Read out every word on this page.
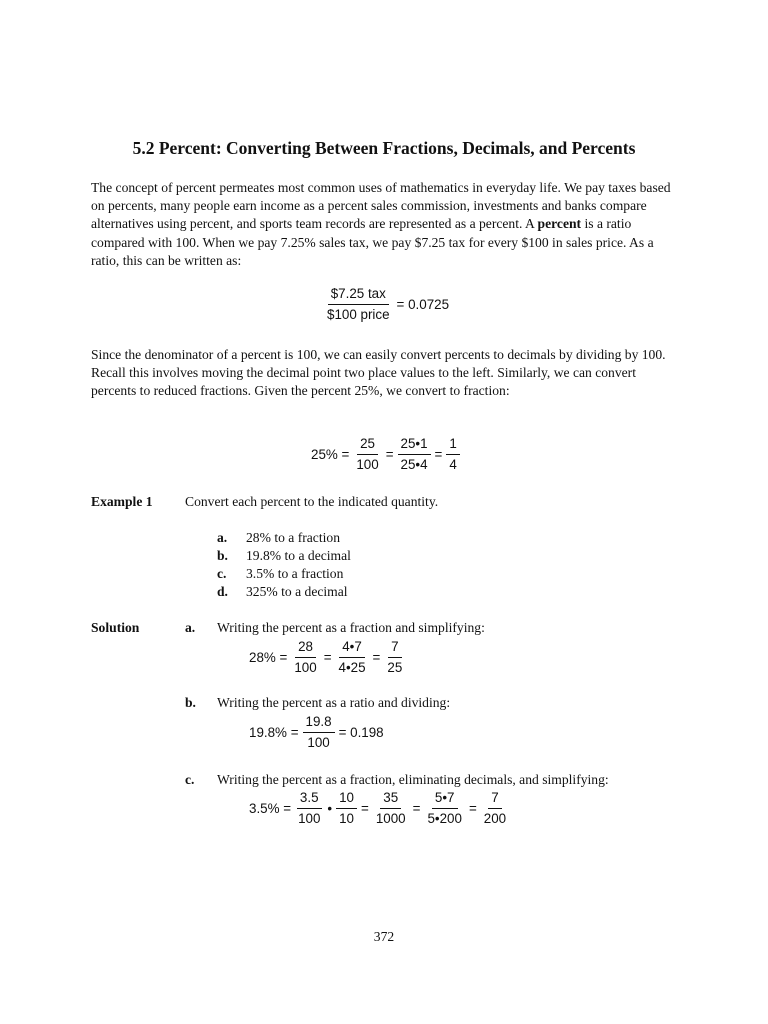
5.2 Percent: Converting Between Fractions, Decimals, and Percents

The concept of percent permeates most common uses of mathematics in everyday life. We pay taxes based on percents, many people earn income as a percent sales commission, investments and banks compare alternatives using percent, and sports team records are represented as a percent. A percent is a ratio compared with 100. When we pay 7.25% sales tax, we pay $7.25 tax for every $100 in sales price. As a ratio, this can be written as:

$\frac{\text{\$7.25 tax}}{\text{\$100 price}} = 0.0725$

Since the denominator of a percent is 100, we can easily convert percents to decimals by dividing by 100. Recall this involves moving the decimal point two place values to the left. Similarly, we can convert percents to reduced fractions. Given the percent 25%, we convert to fraction:

$25\% = \frac{25}{100} = \frac{25•1}{25•4} = \frac{1}{4}$
Example 1 Convert each percent to the indicated quantity.
a. 28% to a fraction
b. 19.8% to a decimal
c. 3.5% to a fraction
d. 325% to a decimal
Solution	a. Writing the percent as a fraction and simplifying:
$28\% = \frac{28}{100} = \frac{4•7}{4•25} = \frac{7}{25}$
b. Writing the percent as a ratio and dividing:
$19.8\% = \frac{19.8}{100} = 0.198$
c. Writing the percent as a fraction, eliminating decimals, and simplifying:
$3.5\% = \frac{3.5}{100}$ • $\frac{10}{10} = \frac{35}{1000} = \frac{5•7}{5•200} = \frac{7}{200}$
372
